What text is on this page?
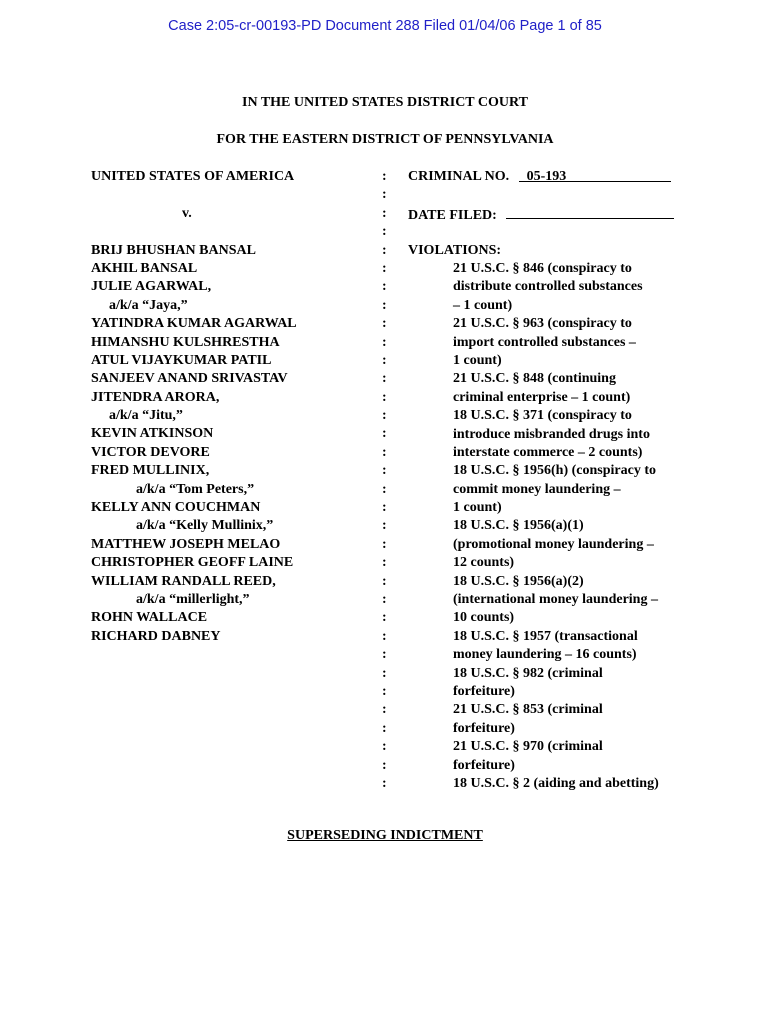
Case 2:05-cr-00193-PD Document 288 Filed 01/04/06 Page 1 of 85
IN THE UNITED STATES DISTRICT COURT
FOR THE EASTERN DISTRICT OF PENNSYLVANIA
UNITED STATES OF AMERICA
v.
BRIJ BHUSHAN BANSAL
AKHIL BANSAL
JULIE AGARWAL,
a/k/a “Jaya,”
YATINDRA KUMAR AGARWAL
HIMANSHU KULSHRESTHA
ATUL VIJAYKUMAR PATIL
SANJEEV ANAND SRIVASTAV
JITENDRA ARORA,
a/k/a “Jitu,”
KEVIN ATKINSON
VICTOR DEVORE
FRED MULLINIX,
a/k/a “Tom Peters,”
KELLY ANN COUCHMAN
a/k/a “Kelly Mullinix,”
MATTHEW JOSEPH MELAO
CHRISTOPHER GEOFF LAINE
WILLIAM RANDALL REED,
a/k/a “millerlight,”
ROHN WALLACE
RICHARD DABNEY
:
:
:
:
:
:
:
:
:
:
:
:
:
:
:
:
:
:
:
:
:
:
:
:
:
:
:
:
:
:
:
:
:
:
CRIMINAL NO. 05-193
DATE FILED:
VIOLATIONS:
21 U.S.C. § 846 (conspiracy to
distribute controlled substances
– 1 count)
21 U.S.C. § 963 (conspiracy to
import controlled substances –
1 count)
21 U.S.C. § 848 (continuing
criminal enterprise – 1 count)
18 U.S.C. § 371 (conspiracy to
introduce misbranded drugs into
interstate commerce – 2 counts)
18 U.S.C. § 1956(h) (conspiracy to
commit money laundering –
1 count)
18 U.S.C. § 1956(a)(1)
(promotional money laundering –
12 counts)
18 U.S.C. § 1956(a)(2)
(international money laundering –
10 counts)
18 U.S.C. § 1957 (transactional
money laundering – 16 counts)
18 U.S.C. § 982 (criminal
forfeiture)
21 U.S.C. § 853 (criminal
forfeiture)
21 U.S.C. § 970 (criminal
forfeiture)
18 U.S.C. § 2 (aiding and abetting)
SUPERSEDING INDICTMENT
